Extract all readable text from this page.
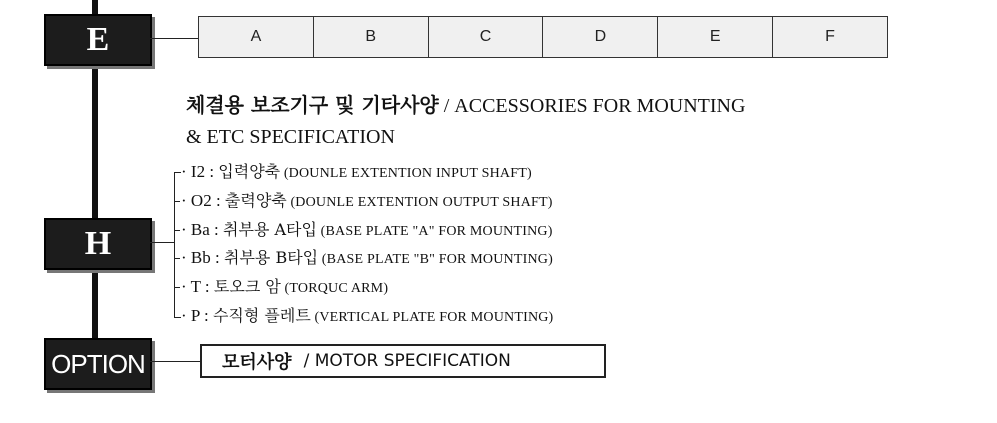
E	A	B	C	D	E	F
체결용 보조기구 및 기타사양 / ACCESSORIES FOR MOUNTING
& ETC SPECIFICATION
H
· I2 : 입력양축 (DOUNLE EXTENTION INPUT SHAFT)
· O2 : 출력양축 (DOUNLE EXTENTION OUTPUT SHAFT)
· Ba : 취부용 A타입 (BASE PLATE "A" FOR MOUNTING)
· Bb : 취부용 B타입 (BASE PLATE "B" FOR MOUNTING)
· T : 토오크 암 (TORQUC ARM)
· P : 수직형 플레트 (VERTICAL PLATE FOR MOUNTING)
OPTION	모터사양 / MOTOR SPECIFICATION
